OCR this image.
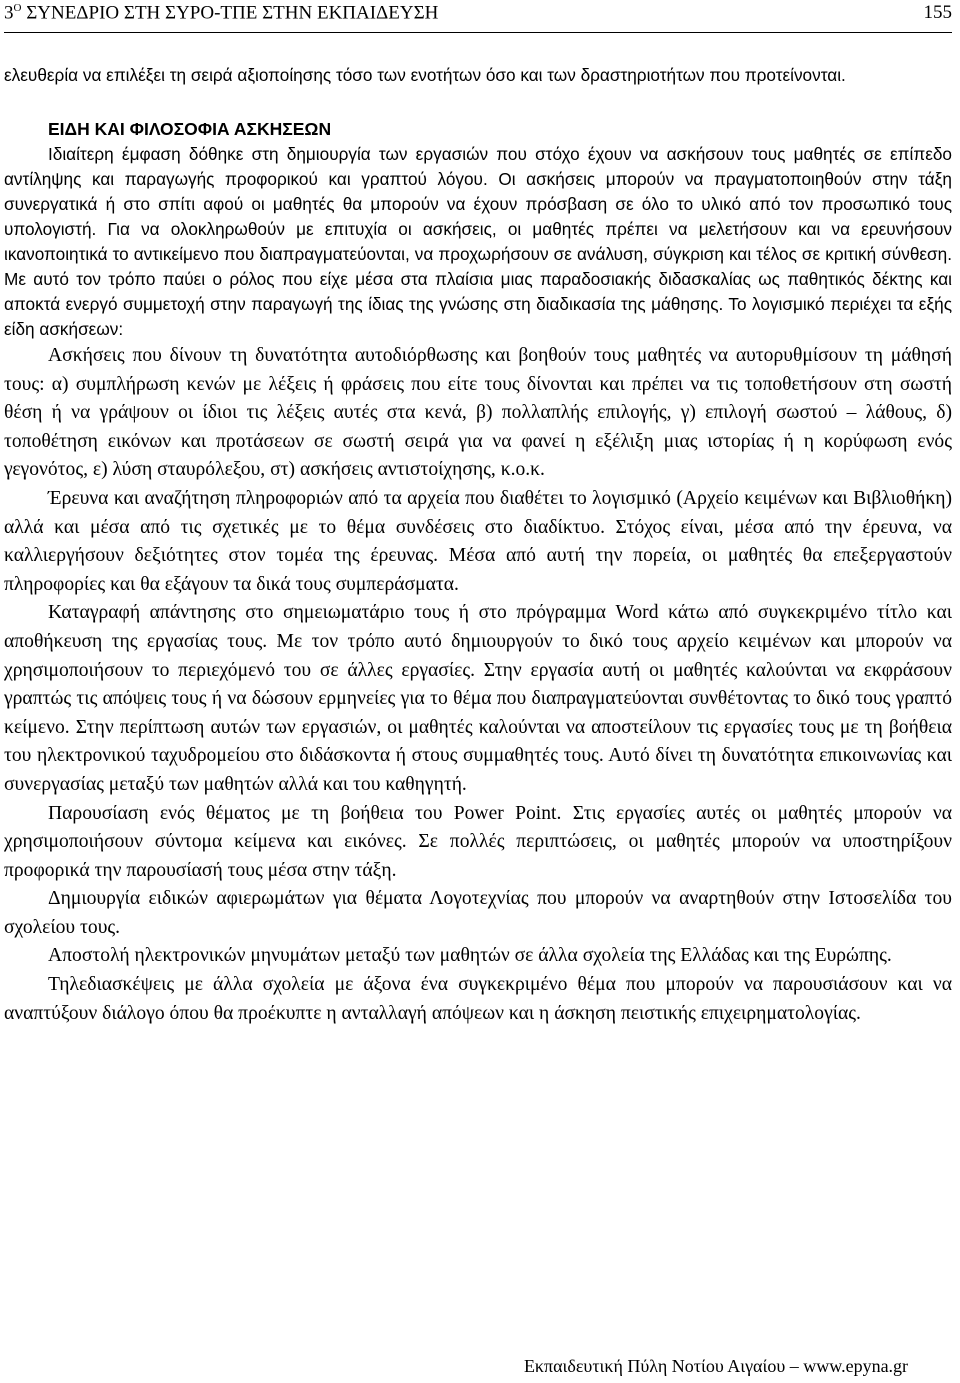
$3^O$ ΣΥΝΕΔΡΙΟ ΣΤΗ ΣΥΡΟ-ΤΠΕ ΣΤΗΝ ΕΚΠΑΙΔΕΥΣΗ	155

ελευθερία να επιλέξει τη σειρά αξιοποίησης τόσο των ενοτήτων όσο και των δραστηριοτήτων που προτείνονται.

ΕΙΔΗ ΚΑΙ ΦΙΛΟΣΟΦΙΑ ΑΣΚΗΣΕΩΝ

Ιδιαίτερη έμφαση δόθηκε στη δημιουργία των εργασιών που στόχο έχουν να ασκήσουν τους μαθητές σε επίπεδο αντίληψης και παραγωγής προφορικού και γραπτού λόγου. Οι ασκήσεις μπορούν να πραγματοποιηθούν στην τάξη συνεργατικά ή στο σπίτι αφού οι μαθητές θα μπορούν να έχουν πρόσβαση σε όλο το υλικό από τον προσωπικό τους υπολογιστή. Για να ολοκληρωθούν με επιτυχία οι ασκήσεις, οι μαθητές πρέπει να μελετήσουν και να ερευνήσουν ικανοποιητικά το αντικείμενο που διαπραγματεύονται, να προχωρήσουν σε ανάλυση, σύγκριση και τέλος σε κριτική σύνθεση. Με αυτό τον τρόπο παύει ο ρόλος που είχε μέσα στα πλαίσια μιας παραδοσιακής διδασκαλίας ως παθητικός δέκτης και αποκτά ενεργό συμμετοχή στην παραγωγή της ίδιας της γνώσης στη διαδικασία της μάθησης. Το λογισμικό περιέχει τα εξής είδη ασκήσεων:

Ασκήσεις που δίνουν τη δυνατότητα αυτοδιόρθωσης και βοηθούν τους μαθητές να αυτορυθμίσουν τη μάθησή τους: α) συμπλήρωση κενών με λέξεις ή φράσεις που είτε τους δίνονται και πρέπει να τις τοποθετήσουν στη σωστή θέση ή να γράψουν οι ίδιοι τις λέξεις αυτές στα κενά, β) πολλαπλής επιλογής, γ) επιλογή σωστού – λάθους, δ) τοποθέτηση εικόνων και προτάσεων σε σωστή σειρά για να φανεί η εξέλιξη μιας ιστορίας ή η κορύφωση ενός γεγονότος, ε) λύση σταυρόλεξου, στ) ασκήσεις αντιστοίχησης, κ.ο.κ.

Έρευνα και αναζήτηση πληροφοριών από τα αρχεία που διαθέτει το λογισμικό (Αρχείο κειμένων και Βιβλιοθήκη) αλλά και μέσα από τις σχετικές με το θέμα συνδέσεις στο διαδίκτυο. Στόχος είναι, μέσα από την έρευνα, να καλλιεργήσουν δεξιότητες στον τομέα της έρευνας. Μέσα από αυτή την πορεία, οι μαθητές θα επεξεργαστούν πληροφορίες και θα εξάγουν τα δικά τους συμπεράσματα.

Καταγραφή απάντησης στο σημειωματάριο τους ή στο πρόγραμμα Word κάτω από συγκεκριμένο τίτλο και αποθήκευση της εργασίας τους. Με τον τρόπο αυτό δημιουργούν το δικό τους αρχείο κειμένων και μπορούν να χρησιμοποιήσουν το περιεχόμενό του σε άλλες εργασίες. Στην εργασία αυτή οι μαθητές καλούνται να εκφράσουν γραπτώς τις απόψεις τους ή να δώσουν ερμηνείες για το θέμα που διαπραγματεύονται συνθέτοντας το δικό τους γραπτό κείμενο. Στην περίπτωση αυτών των εργασιών, οι μαθητές καλούνται να αποστείλουν τις εργασίες τους με τη βοήθεια του ηλεκτρονικού ταχυδρομείου στο διδάσκοντα ή στους συμμαθητές τους. Αυτό δίνει τη δυνατότητα επικοινωνίας και συνεργασίας μεταξύ των μαθητών αλλά και του καθηγητή.

Παρουσίαση ενός θέματος με τη βοήθεια του Power Point. Στις εργασίες αυτές οι μαθητές μπορούν να χρησιμοποιήσουν σύντομα κείμενα και εικόνες. Σε πολλές περιπτώσεις, οι μαθητές μπορούν να υποστηρίξουν προφορικά την παρουσίασή τους μέσα στην τάξη.

Δημιουργία ειδικών αφιερωμάτων για θέματα Λογοτεχνίας που μπορούν να αναρτηθούν στην Ιστοσελίδα του σχολείου τους.

Αποστολή ηλεκτρονικών μηνυμάτων μεταξύ των μαθητών σε άλλα σχολεία της Ελλάδας και της Ευρώπης.

Τηλεδιασκέψεις με άλλα σχολεία με άξονα ένα συγκεκριμένο θέμα που μπορούν να παρουσιάσουν και να αναπτύξουν διάλογο όπου θα προέκυπτε η ανταλλαγή απόψεων και η άσκηση πειστικής επιχειρηματολογίας.

Εκπαιδευτική Πύλη Νοτίου Αιγαίου – www.epyna.gr
